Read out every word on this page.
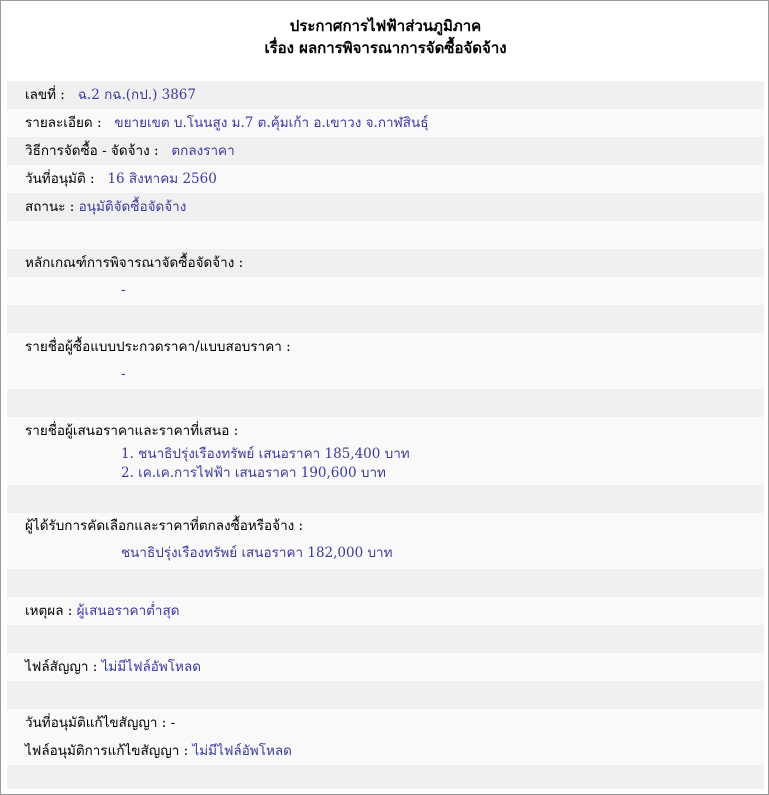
ประกาศการไฟฟ้าส่วนภูมิภาค
เรื่อง ผลการพิจารณาการจัดซื้อจัดจ้าง
เลขที่ : ฉ.2 กฉ.(กป.) 3867
รายละเอียด : ขยายเขต บ.โนนสูง ม.7 ต.คุ้มเก้า อ.เขาวง จ.กาฬสินธุ์
วิธีการจัดซื้อ - จัดจ้าง : ตกลงราคา
วันที่อนุมัติ : 16 สิงหาคม 2560
สถานะ : อนุมัติจัดซื้อจัดจ้าง
หลักเกณฑ์การพิจารณาจัดซื้อจัดจ้าง :
-
รายชื่อผู้ซื้อแบบประกวดราคา/แบบสอบราคา :
-
รายชื่อผู้เสนอราคาและราคาที่เสนอ :
1. ชนาธิปรุ่งเรืองทรัพย์ เสนอราคา 185,400 บาท
2. เค.เค.การไฟฟ้า เสนอราคา 190,600 บาท
ผู้ได้รับการคัดเลือกและราคาที่ตกลงซื้อหรือจ้าง :
ชนาธิปรุ่งเรืองทรัพย์ เสนอราคา 182,000 บาท
เหตุผล : ผู้เสนอราคาต่ำสุด
ไฟล์สัญญา : ไม่มีไฟล์อัพโหลด
วันที่อนุมัติแก้ไขสัญญา : -
ไฟล์อนุมัติการแก้ไขสัญญา : ไม่มีไฟล์อัพโหลด
